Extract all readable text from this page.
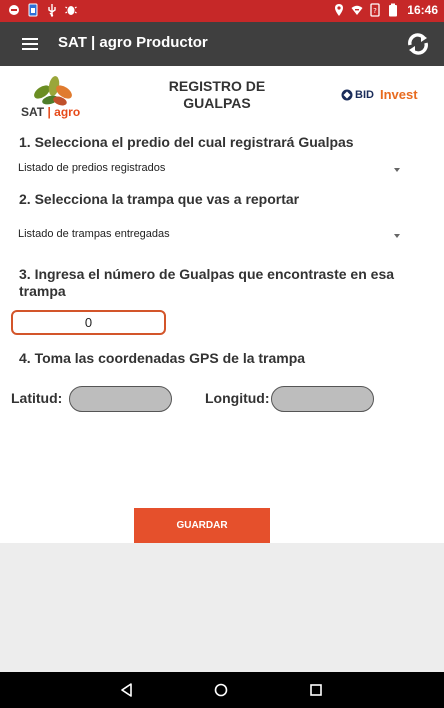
?	16:46
SAT | agro Productor
SAT | agro
REGISTRO DE
GUALPAS
BID Invest
1. Selecciona el predio del cual registrará Gualpas
Listado de predios registrados
2. Selecciona la trampa que vas a reportar
Listado de trampas entregadas
3. Ingresa el número de Gualpas que encontraste en esa trampa
0
4. Toma las coordenadas GPS de la trampa
Latitud:	Longitud:
GUARDAR
